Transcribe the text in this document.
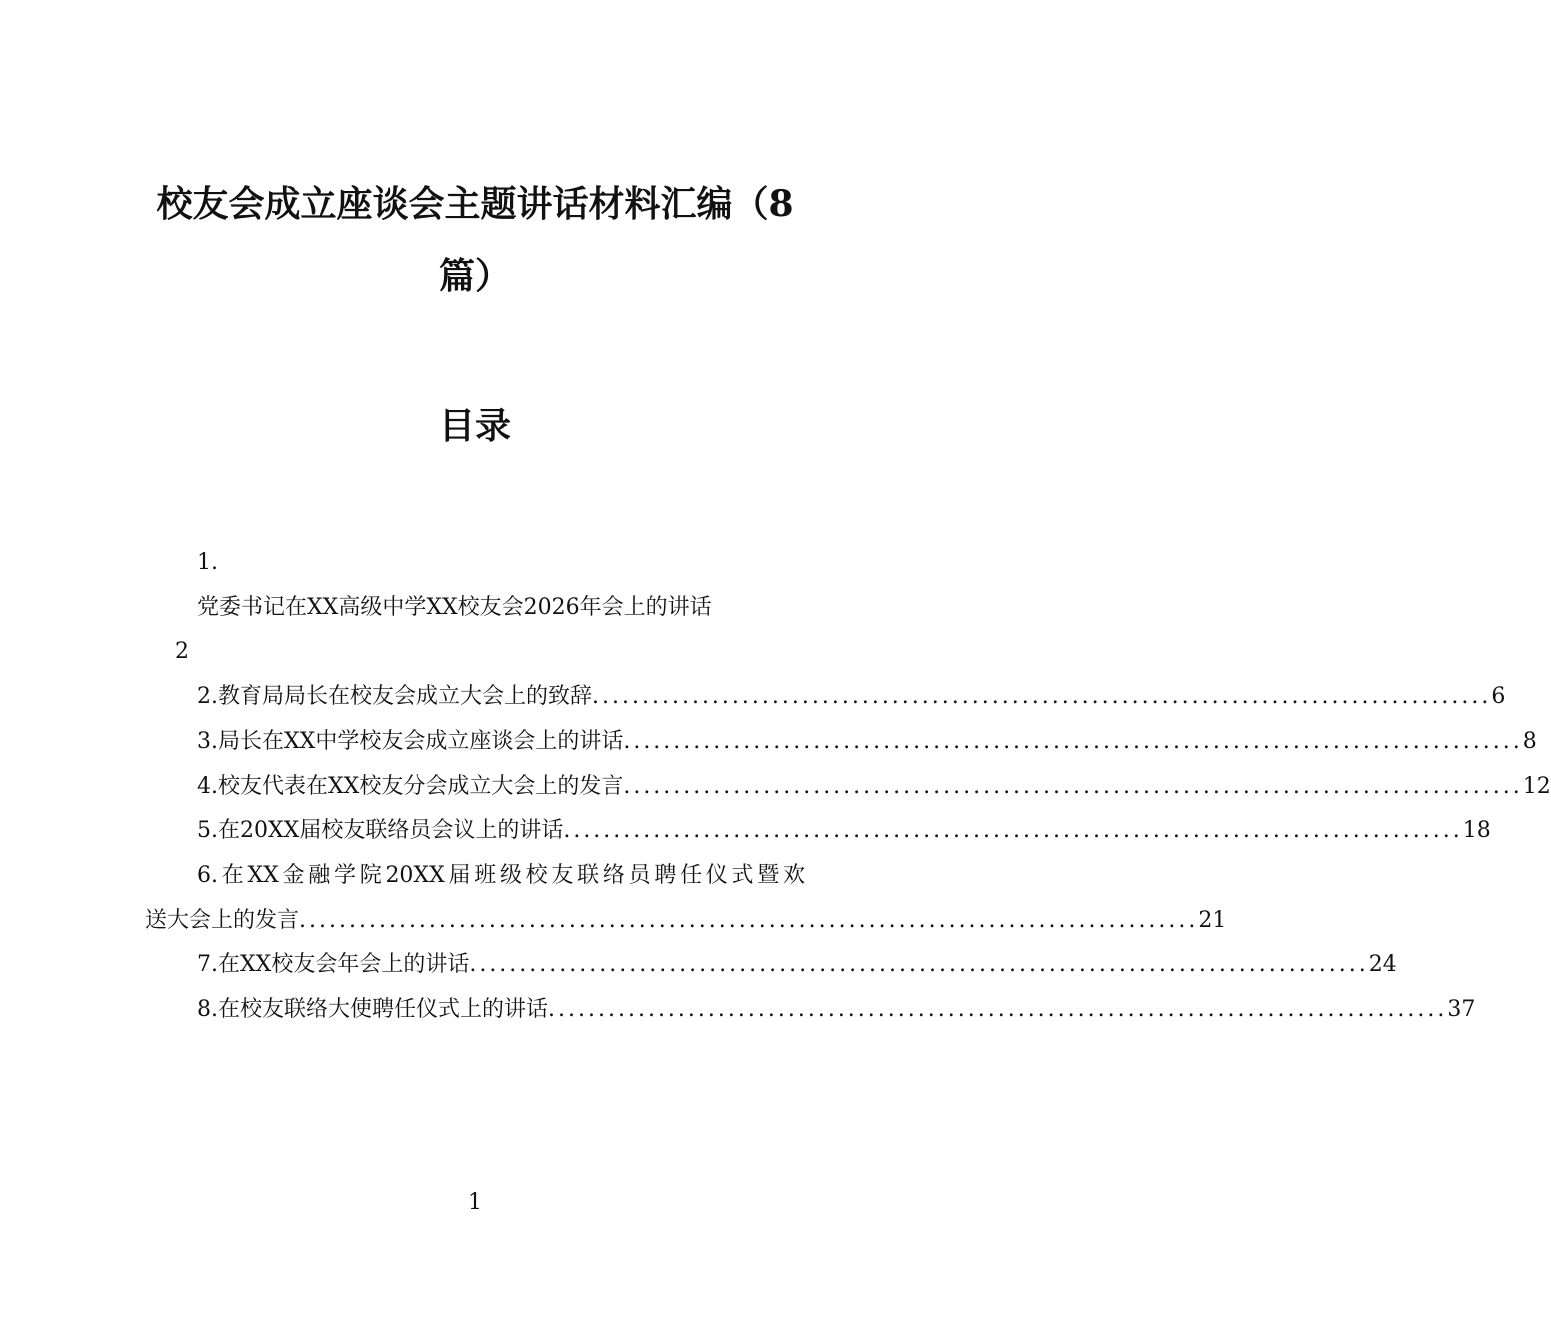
校友会成立座谈会主题讲话材料汇编（8篇）
目录
1.
党委书记在XX高级中学XX校友会2026年会上的讲话
2
2. 教育局局长在校友会成立大会上的致辞 .......................................................................................... 6
3. 局长在XX中学校友会成立座谈会上的讲话 .......................................................................................... 8
4. 校友代表在XX校友分会成立大会上的发言 .......................................................................................... 12
5. 在20XX届校友联络员会议上的讲话 .......................................................................................... 18
6.在XX金融学院20XX届班级校友联络员聘任仪式暨欢
送大会上的发言 .......................................................................................... 21
7. 在XX校友会年会上的讲话 .......................................................................................... 24
8. 在校友联络大使聘任仪式上的讲话 .......................................................................................... 37
1
